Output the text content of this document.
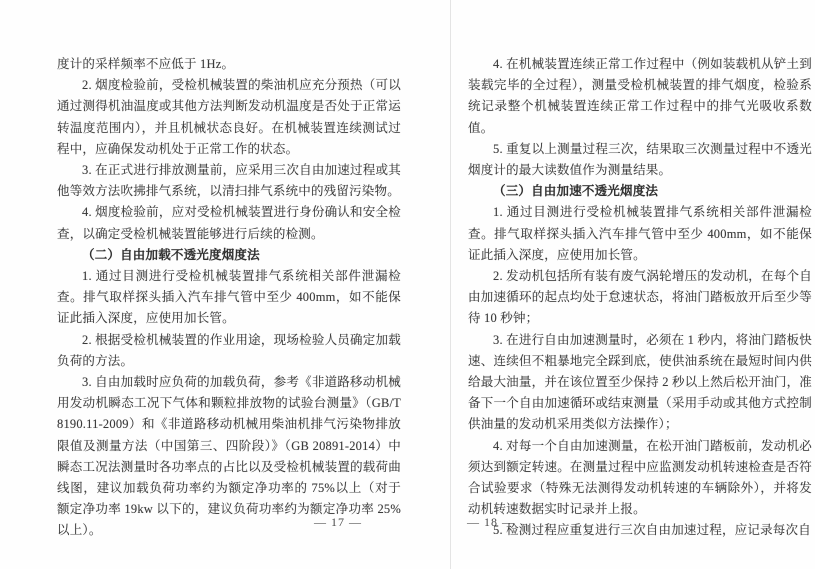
度计的采样频率不应低于 1Hz。

2. 烟度检验前，受检机械装置的柴油机应充分预热（可以通过测得机油温度或其他方法判断发动机温度是否处于正常运转温度范围内），并且机械状态良好。在机械装置连续测试过程中，应确保发动机处于正常工作的状态。

3. 在正式进行排放测量前，应采用三次自由加速过程或其他等效方法吹拂排气系统，以清扫排气系统中的残留污染物。

4. 烟度检验前，应对受检机械装置进行身份确认和安全检查，以确定受检机械装置能够进行后续的检测。

（二）自由加载不透光度烟度法

1. 通过目测进行受检机械装置排气系统相关部件泄漏检查。排气取样探头插入汽车排气管中至少 400mm，如不能保证此插入深度，应使用加长管。

2. 根据受检机械装置的作业用途，现场检验人员确定加载负荷的方法。

3. 自由加载时应负荷的加载负荷，参考《非道路移动机械用发动机瞬态工况下气体和颗粒排放物的试验台测量》（GB/T 8190.11-2009）和《非道路移动机械用柴油机排气污染物排放限值及测量方法（中国第三、四阶段）》（GB 20891-2014）中瞬态工况法测量时各功率点的占比以及受检机械装置的载荷曲线图，建议加载负荷功率约为额定净功率的 75%以上（对于额定净功率 19kw 以下的，建议负荷功率约为额定净功率 25%以上）。

— 17 —

4. 在机械装置连续正常工作过程中（例如装载机从铲土到装载完毕的全过程），测量受检机械装置的排气烟度，检验系统记录整个机械装置连续正常工作过程中的排气光吸收系数值。

5. 重复以上测量过程三次，结果取三次测量过程中不透光烟度计的最大读数值作为测量结果。

（三）自由加速不透光烟度法

1. 通过目测进行受检机械装置排气系统相关部件泄漏检查。排气取样探头插入汽车排气管中至少 400mm，如不能保证此插入深度，应使用加长管。

2. 发动机包括所有装有废气涡轮增压的发动机，在每个自由加速循环的起点均处于怠速状态，将油门踏板放开后至少等待 10 秒钟；

3. 在进行自由加速测量时，必须在 1 秒内，将油门踏板快速、连续但不粗暴地完全踩到底，使供油系统在最短时间内供给最大油量，并在该位置至少保持 2 秒以上然后松开油门，准备下一个自由加速循环或结束测量（采用手动或其他方式控制供油量的发动机采用类似方法操作）；

4. 对每一个自由加速测量，在松开油门踏板前，发动机必须达到额定转速。在测量过程中应监测发动机转速检查是否符合试验要求（特殊无法测得发动机转速的车辆除外），并将发动机转速数据实时记录并上报。

5. 检测过程应重复进行三次自由加速过程，应记录每次自

— 18 —
